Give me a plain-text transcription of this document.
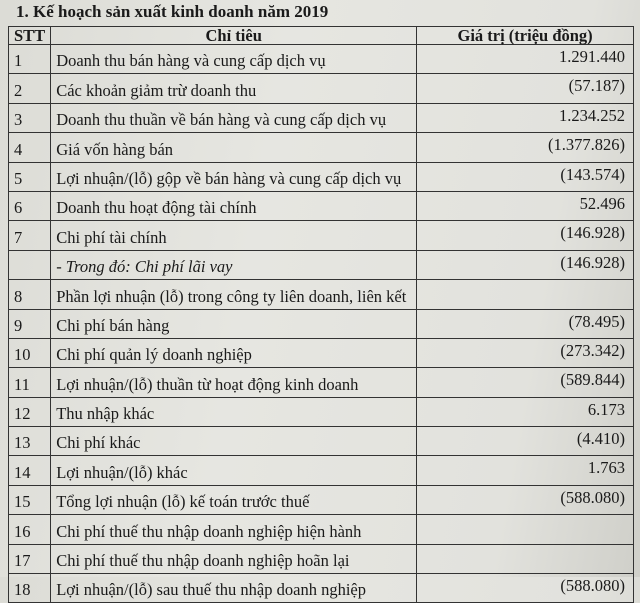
1. Kế hoạch sản xuất kinh doanh năm 2019
STT	Chỉ tiêu	Giá trị (triệu đồng)
1	Doanh thu bán hàng và cung cấp dịch vụ	1.291.440
2	Các khoản giảm trừ doanh thu	(57.187)
3	Doanh thu thuần về bán hàng và cung cấp dịch vụ	1.234.252
4	Giá vốn hàng bán	(1.377.826)
5	Lợi nhuận/(lỗ) gộp về bán hàng và cung cấp dịch vụ	(143.574)
6	Doanh thu hoạt động tài chính	52.496
7	Chi phí tài chính	(146.928)
	- Trong đó: Chi phí lãi vay	(146.928)
8	Phần lợi nhuận (lỗ) trong công ty liên doanh, liên kết	
9	Chi phí bán hàng	(78.495)
10	Chi phí quản lý doanh nghiệp	(273.342)
11	Lợi nhuận/(lỗ) thuần từ hoạt động kinh doanh	(589.844)
12	Thu nhập khác	6.173
13	Chi phí khác	(4.410)
14	Lợi nhuận/(lỗ) khác	1.763
15	Tổng lợi nhuận (lỗ) kế toán trước thuế	(588.080)
16	Chi phí thuế thu nhập doanh nghiệp hiện hành	
17	Chi phí thuế thu nhập doanh nghiệp hoãn lại	
18	Lợi nhuận/(lỗ) sau thuế thu nhập doanh nghiệp	(588.080)
